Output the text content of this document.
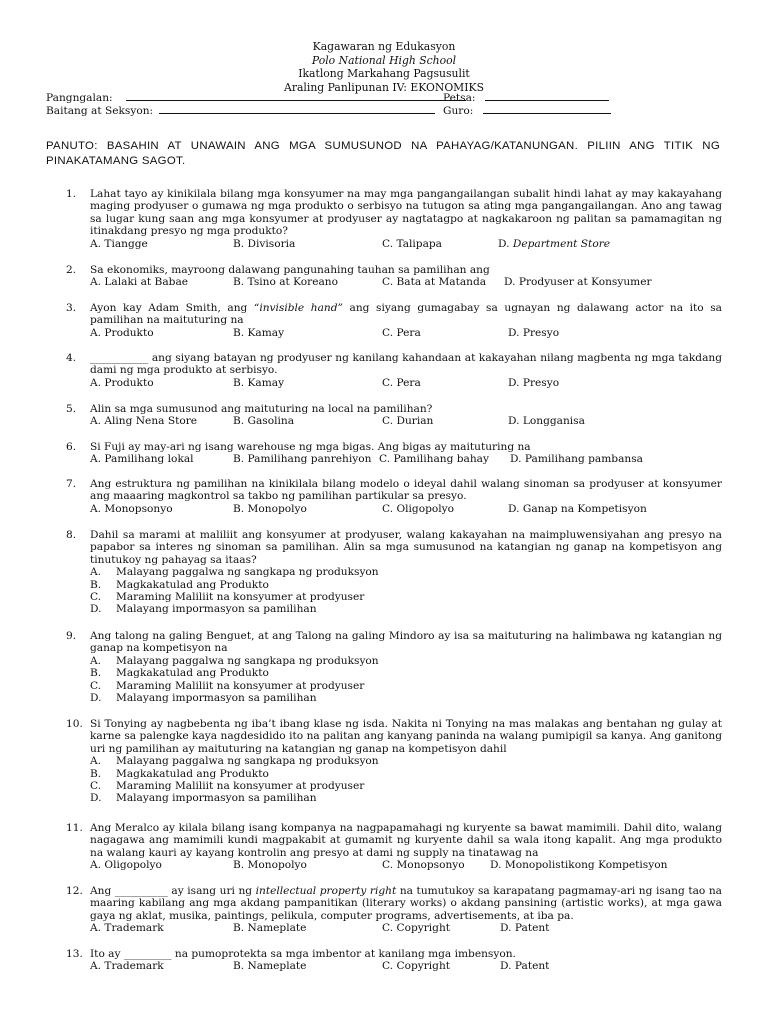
Kagawaran ng Edukasyon
Polo National High School
Ikatlong Markahang Pagsusulit
Araling Panlipunan IV: EKONOMIKS
Pangngalan:	Petsa:
Baitang at Seksyon:	Guro:
PANUTO: BASAHIN AT UNAWAIN ANG MGA SUMUSUNOD NA PAHAYAG/KATANUNGAN. PILIIN ANG TITIK NG PINAKATAMANG SAGOT.
1.	Lahat tayo ay kinikilala bilang mga konsyumer na may mga pangangailangan subalit hindi lahat ay may kakayahang maging prodyuser o gumawa ng mga produkto o serbisyo na tutugon sa ating mga pangangailangan. Ano ang tawag sa lugar kung saan ang mga konsyumer at prodyuser ay nagtatagpo at nagkakaroon ng palitan sa pamamagitan ng itinakdang presyo ng mga produkto?
A. Tiangge	B. Divisoria	C. Talipapa	D. Department Store
2.	Sa ekonomiks, mayroong dalawang pangunahing tauhan sa pamilihan ang
A. Lalaki at Babae	B. Tsino at Koreano	C. Bata at Matanda D. Prodyuser at Konsyumer
3.	Ayon kay Adam Smith, ang “invisible hand” ang siyang gumagabay sa ugnayan ng dalawang actor na ito sa pamilihan na maituturing na
A. Produkto	B. Kamay	C. Pera	D. Presyo
4.	___________ ang siyang batayan ng prodyuser ng kanilang kahandaan at kakayahan nilang magbenta ng mga takdang dami ng mga produkto at serbisyo.
A. Produkto	B. Kamay	C. Pera	D. Presyo
5.	Alin sa mga sumusunod ang maituturing na local na pamilihan?
A. Aling Nena Store	B. Gasolina	C. Durian	D. Longganisa
6.	Si Fuji ay may-ari ng isang warehouse ng mga bigas. Ang bigas ay maituturing na
A. Pamilihang lokal	B. Pamilihang panrehiyon C. Pamilihang bahay D. Pamilihang pambansa
7.	Ang estruktura ng pamilihan na kinikilala bilang modelo o ideyal dahil walang sinoman sa prodyuser at konsyumer ang maaaring magkontrol sa takbo ng pamilihan partikular sa presyo.
A. Monopsonyo	B. Monopolyo	C. Oligopolyo	D. Ganap na Kompetisyon
8.	Dahil sa marami at maliliit ang konsyumer at prodyuser, walang kakayahan na maimpluwensiyahan ang presyo na papabor sa interes ng sinoman sa pamilihan. Alin sa mga sumusunod na katangian ng ganap na kompetisyon ang tinutukoy ng pahayag sa itaas?
A. Malayang paggalwa ng sangkapa ng produksyon
B. Magkakatulad ang Produkto
C. Maraming Maliliit na konsyumer at prodyuser
D. Malayang impormasyon sa pamilihan
9.	Ang talong na galing Benguet, at ang Talong na galing Mindoro ay isa sa maituturing na halimbawa ng katangian ng ganap na kompetisyon na
A. Malayang paggalwa ng sangkapa ng produksyon
B. Magkakatulad ang Produkto
C. Maraming Maliliit na konsyumer at prodyuser
D. Malayang impormasyon sa pamilihan
10. Si Tonying ay nagbebenta ng iba’t ibang klase ng isda. Nakita ni Tonying na mas malakas ang bentahan ng gulay at karne sa palengke kaya nagdesidido ito na palitan ang kanyang paninda na walang pumipigil sa kanya. Ang ganitong uri ng pamilihan ay maituturing na katangian ng ganap na kompetisyon dahil
A. Malayang paggalwa ng sangkapa ng produksyon
B. Magkakatulad ang Produkto
C. Maraming Maliliit na konsyumer at prodyuser
D. Malayang impormasyon sa pamilihan
11. Ang Meralco ay kilala bilang isang kompanya na nagpapamahagi ng kuryente sa bawat mamimili. Dahil dito, walang nagagawa ang mamimili kundi magpakabit at gumamit ng kuryente dahil sa wala itong kapalit. Ang mga produkto na walang kauri ay kayang kontrolin ang presyo at dami ng supply na tinatawag na
A. Oligopolyo	B. Monopolyo	C. Monopsonyo D. Monopolistikong Kompetisyon
12. Ang __________ ay isang uri ng intellectual property right na tumutukoy sa karapatang pagmamay-ari ng isang tao na maaring kabilang ang mga akdang pampanitikan (literary works) o akdang pansining (artistic works), at mga gawa gaya ng aklat, musika, paintings, pelikula, computer programs, advertisements, at iba pa.
A. Trademark	B. Nameplate	C. Copyright	D. Patent
13. Ito ay _________ na pumoprotekta sa mga imbentor at kanilang mga imbensyon.
A. Trademark	B. Nameplate	C. Copyright	D. Patent
